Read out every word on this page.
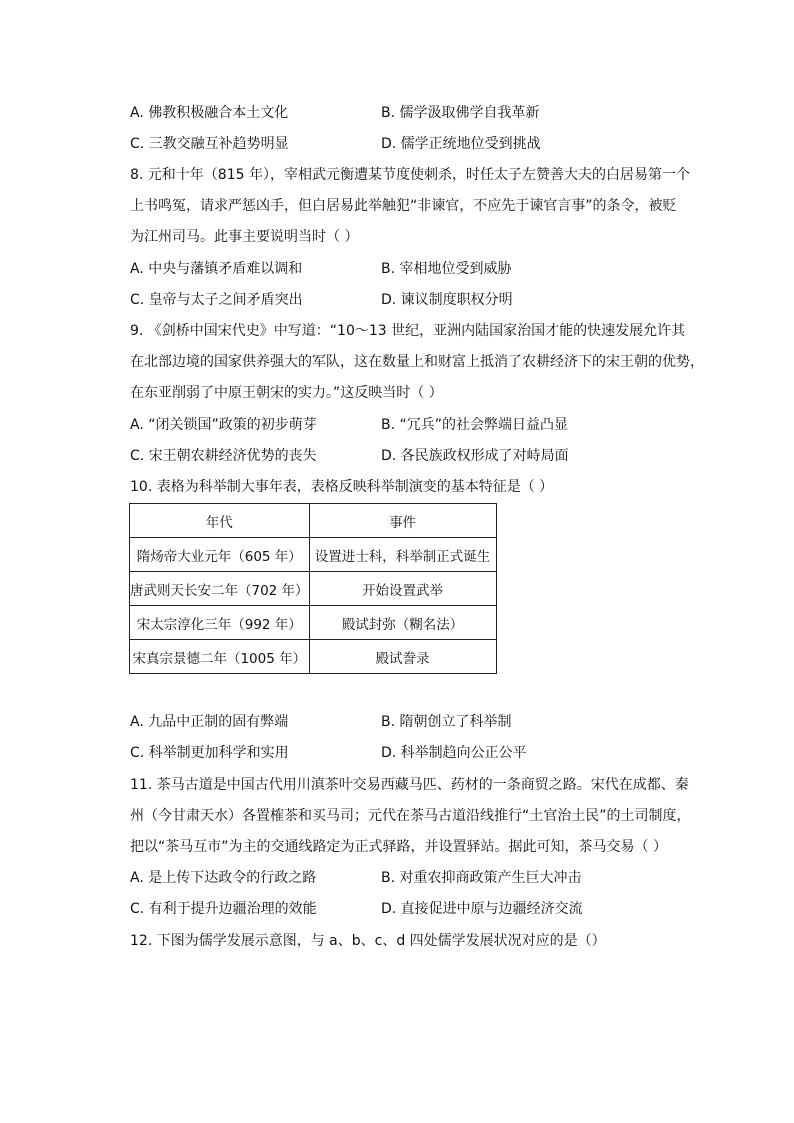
A. 佛教积极融合本土文化	B. 儒学汲取佛学自我革新
C. 三教交融互补趋势明显	D. 儒学正统地位受到挑战
8. 元和十年（815 年），宰相武元衡遭某节度使刺杀，时任太子左赞善大夫的白居易第一个
上书鸣冤，请求严惩凶手，但白居易此举触犯“非谏官，不应先于谏官言事”的条令，被贬
为江州司马。此事主要说明当时（ ）
A. 中央与藩镇矛盾难以调和	B. 宰相地位受到威胁
C. 皇帝与太子之间矛盾突出	D. 谏议制度职权分明
9. 《剑桥中国宋代史》中写道：“10～13 世纪，亚洲内陆国家治国才能的快速发展允许其
在北部边境的国家供养强大的军队，这在数量上和财富上抵消了农耕经济下的宋王朝的优势，
在东亚削弱了中原王朝宋的实力。”这反映当时（ ）
A. “闭关锁国”政策的初步萌芽	B. “冗兵”的社会弊端日益凸显
C. 宋王朝农耕经济优势的丧失	D. 各民族政权形成了对峙局面
10. 表格为科举制大事年表，表格反映科举制演变的基本特征是（ ）
年代	事件
隋炀帝大业元年（605 年）	设置进士科，科举制正式诞生
唐武则天长安二年（702 年）	开始设置武举
宋太宗淳化三年（992 年）	殿试封弥（糊名法）
宋真宗景德二年（1005 年）	殿试誊录
A. 九品中正制的固有弊端	B. 隋朝创立了科举制
C. 科举制更加科学和实用	D. 科举制趋向公正公平
11. 茶马古道是中国古代用川滇茶叶交易西藏马匹、药材的一条商贸之路。宋代在成都、秦
州（今甘肃天水）各置榷茶和买马司；元代在茶马古道沿线推行“土官治土民”的土司制度，
把以“茶马互市”为主的交通线路定为正式驿路，并设置驿站。据此可知，茶马交易（ ）
A. 是上传下达政令的行政之路	B. 对重农抑商政策产生巨大冲击
C. 有利于提升边疆治理的效能	D. 直接促进中原与边疆经济交流
12. 下图为儒学发展示意图，与 a、b、c、d 四处儒学发展状况对应的是（）
